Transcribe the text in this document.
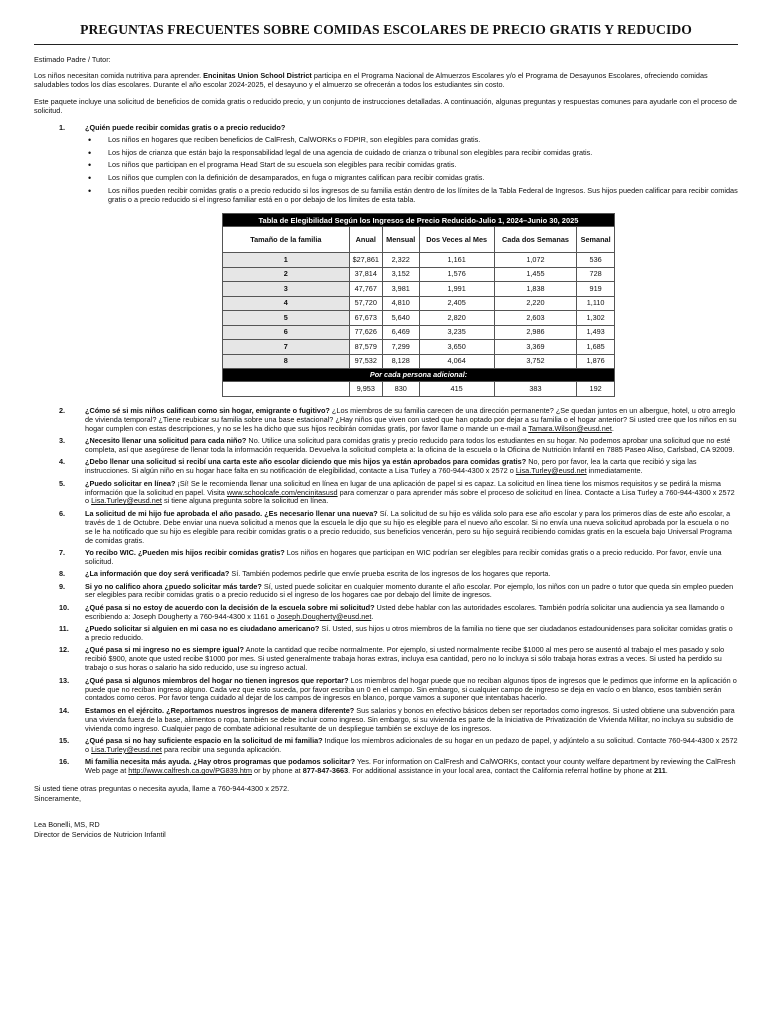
PREGUNTAS FRECUENTES SOBRE COMIDAS ESCOLARES DE PRECIO GRATIS Y REDUCIDO

Estimado Padre / Tutor:

Los niños necesitan comida nutritiva para aprender. Encinitas Union School District participa en el Programa Nacional de Almuerzos Escolares y/o el Programa de Desayunos Escolares, ofreciendo comidas saludables todos los días escolares. Durante el año escolar 2024-2025, el desayuno y el almuerzo se ofrecerán a todos los estudiantes sin costo.

Este paquete incluye una solicitud de beneficios de comida gratis o reducido precio, y un conjunto de instrucciones detalladas. A continuación, algunas preguntas y respuestas comunes para ayudarle con el proceso de solicitud.

1.	¿Quién puede recibir comidas gratis o a precio reducido?
• Los niños en hogares que reciben beneficios de CalFresh, CalWORKs o FDPIR, son elegibles para comidas gratis.
• Los hijos de crianza que están bajo la responsabilidad legal de una agencia de cuidado de crianza o tribunal son elegibles para recibir comidas gratis.
• Los niños que participan en el programa Head Start de su escuela son elegibles para recibir comidas gratis.
• Los niños que cumplen con la definición de desamparados, en fuga o migrantes califican para recibir comidas gratis.
• Los niños pueden recibir comidas gratis o a precio reducido si los ingresos de su familia están dentro de los límites de la Tabla Federal de Ingresos. Sus hijos pueden calificar para recibir comidas gratis o a precio reducido si el ingreso familiar está en o por debajo de los límites de esta tabla.
Tabla de Elegibilidad Según los Ingresos de Precio Reducido-Julio 1, 2024–Junio 30, 2025					
Tamaño de la familia	Anual	Mensual	Dos Veces al Mes	Cada dos Semanas	Semanal
1	$27,861	2,322	1,161	1,072	536
2	37,814	3,152	1,576	1,455	728
3	47,767	3,981	1,991	1,838	919
4	57,720	4,810	2,405	2,220	1,110
5	67,673	5,640	2,820	2,603	1,302
6	77,626	6,469	3,235	2,986	1,493
7	87,579	7,299	3,650	3,369	1,685
8	97,532	8,128	4,064	3,752	1,876
Por cada persona adicional:					
	9,953	830	415	383	192
2.	¿Cómo sé si mis niños califican como sin hogar, emigrante o fugitivo? ¿Los miembros de su familia carecen de una dirección permanente? ¿Se quedan juntos en un albergue, hotel, u otro arreglo de vivienda temporal? ¿Tiene reubicar su familia sobre una base estacional? ¿Hay niños que viven con usted que han optado por dejar a su familia o el hogar anterior? Si usted cree que los niños en su hogar cumplen con estas descripciones, y no se les ha dicho que sus hijos recibirán comidas gratis, por favor llame o mande un e-mail a Tamara.Wilson@eusd.net.
3.	¿Necesito llenar una solicitud para cada niño? No. Utilice una solicitud para comidas gratis y precio reducido para todos los estudiantes en su hogar. No podemos aprobar una solicitud que no esté completa, así que asegúrese de llenar toda la información requerida. Devuelva la solicitud completa a: la oficina de la escuela o la Oficina de Nutrición Infantil en 7885 Paseo Aliso, Carlsbad, CA 92009.
4.	¿Debo llenar una solicitud si recibí una carta este año escolar diciendo que mis hijos ya están aprobados para comidas gratis? No, pero por favor, lea la carta que recibió y siga las instrucciones. Si algún niño en su hogar hace falta en su notificación de elegibilidad, contacte a Lisa Turley a 760-944-4300 x 2572 o Lisa.Turley@eusd.net inmediatamente.
5.	¿Puedo solicitar en línea? ¡Sí! Se le recomienda llenar una solicitud en línea en lugar de una aplicación de papel si es capaz. La solicitud en línea tiene los mismos requisitos y se pedirá la misma información que la solicitud en papel. Visita www.schoolcafe.com/encinitasusd para comenzar o para aprender más sobre el proceso de solicitud en línea. Contacte a Lisa Turley a 760-944-4300 x 2572 o Lisa.Turley@eusd.net si tiene alguna pregunta sobre la solicitud en línea.
6.	La solicitud de mi hijo fue aprobada el año pasado. ¿Es necesario llenar una nueva? Sí. La solicitud de su hijo es válida solo para ese año escolar y para los primeros días de este año escolar, a través de 1 de Octubre. Debe enviar una nueva solicitud a menos que la escuela le dijo que su hijo es elegible para el nuevo año escolar. Si no envía una nueva solicitud aprobada por la escuela o no se le ha notificado que su hijo es elegible para recibir comidas gratis o a precio reducido, sus beneficios vencerán, pero su hijo seguirá recibiendo comidas gratis en la escuela bajo Universal Programa de comidas gratis.
7.	Yo recibo WIC. ¿Pueden mis hijos recibir comidas gratis? Los niños en hogares que participan en WIC podrían ser elegibles para recibir comidas gratis o a precio reducido. Por favor, envíe una solicitud.
8.	¿La información que doy será verificada? Sí. También podemos pedirle que envíe prueba escrita de los ingresos de los hogares que reporta.
9.	Si yo no califico ahora ¿puedo solicitar más tarde? Sí, usted puede solicitar en cualquier momento durante el año escolar. Por ejemplo, los niños con un padre o tutor que queda sin empleo pueden ser elegibles para recibir comidas gratis o a precio reducido si el ingreso de los hogares cae por debajo del límite de ingresos.
10. ¿Qué pasa si no estoy de acuerdo con la decisión de la escuela sobre mi solicitud? Usted debe hablar con las autoridades escolares. También podría solicitar una audiencia ya sea llamando o escribiendo a: Joseph Dougherty a 760-944-4300 x 1161 o Joseph.Dougherty@eusd.net.
11. ¿Puedo solicitar si alguien en mi casa no es ciudadano americano? Sí. Usted, sus hijos u otros miembros de la familia no tiene que ser ciudadanos estadounidenses para solicitar comidas gratis o a precio reducido.
12. ¿Qué pasa si mi ingreso no es siempre igual? Anote la cantidad que recibe normalmente. Por ejemplo, si usted normalmente recibe $1000 al mes pero se ausentó al trabajo el mes pasado y solo recibió $900, anote que usted recibe $1000 por mes. Si usted generalmente trabaja horas extras, incluya esa cantidad, pero no lo incluya si sólo trabaja horas extras a veces. Si usted ha perdido su trabajo o sus horas o salario ha sido reducido, use su ingreso actual.
13. ¿Qué pasa si algunos miembros del hogar no tienen ingresos que reportar? Los miembros del hogar puede que no reciban algunos tipos de ingresos que le pedimos que informe en la aplicación o puede que no reciban ingreso alguno. Cada vez que esto suceda, por favor escriba un 0 en el campo. Sin embargo, si cualquier campo de ingreso se deja en vacío o en blanco, esos también serán contados como ceros. Por favor tenga cuidado al dejar de los campos de ingresos en blanco, porque vamos a suponer que intentabas hacerlo.
14. Estamos en el ejército. ¿Reportamos nuestros ingresos de manera diferente? Sus salarios y bonos en efectivo básicos deben ser reportados como ingresos. Si usted obtiene una subvención para una vivienda fuera de la base, alimentos o ropa, también se debe incluir como ingreso. Sin embargo, si su vivienda es parte de la Iniciativa de Privatización de Vivienda Militar, no incluya su subsidio de vivienda como ingreso. Cualquier pago de combate adicional resultante de un despliegue también se excluye de los ingresos.
15. ¿Qué pasa si no hay suficiente espacio en la solicitud de mi familia? Indique los miembros adicionales de su hogar en un pedazo de papel, y adjúntelo a su solicitud. Contacte 760-944-4300 x 2572 o Lisa.Turley@eusd.net para recibir una segunda aplicación.
16. Mi familia necesita más ayuda. ¿Hay otros programas que podamos solicitar? Yes. For information on CalFresh and CalWORKs, contact your county welfare department by reviewing the CalFresh Web page at http://www.calfresh.ca.gov/PG839.htm or by phone at 877-847-3663. For additional assistance in your local area, contact the California referral hotline by phone at 211.

Si usted tiene otras preguntas o necesita ayuda, llame a 760-944-4300 x 2572.

Sinceramente,

Lea Bonelli, MS, RD

Director de Servicios de Nutricion Infantil
